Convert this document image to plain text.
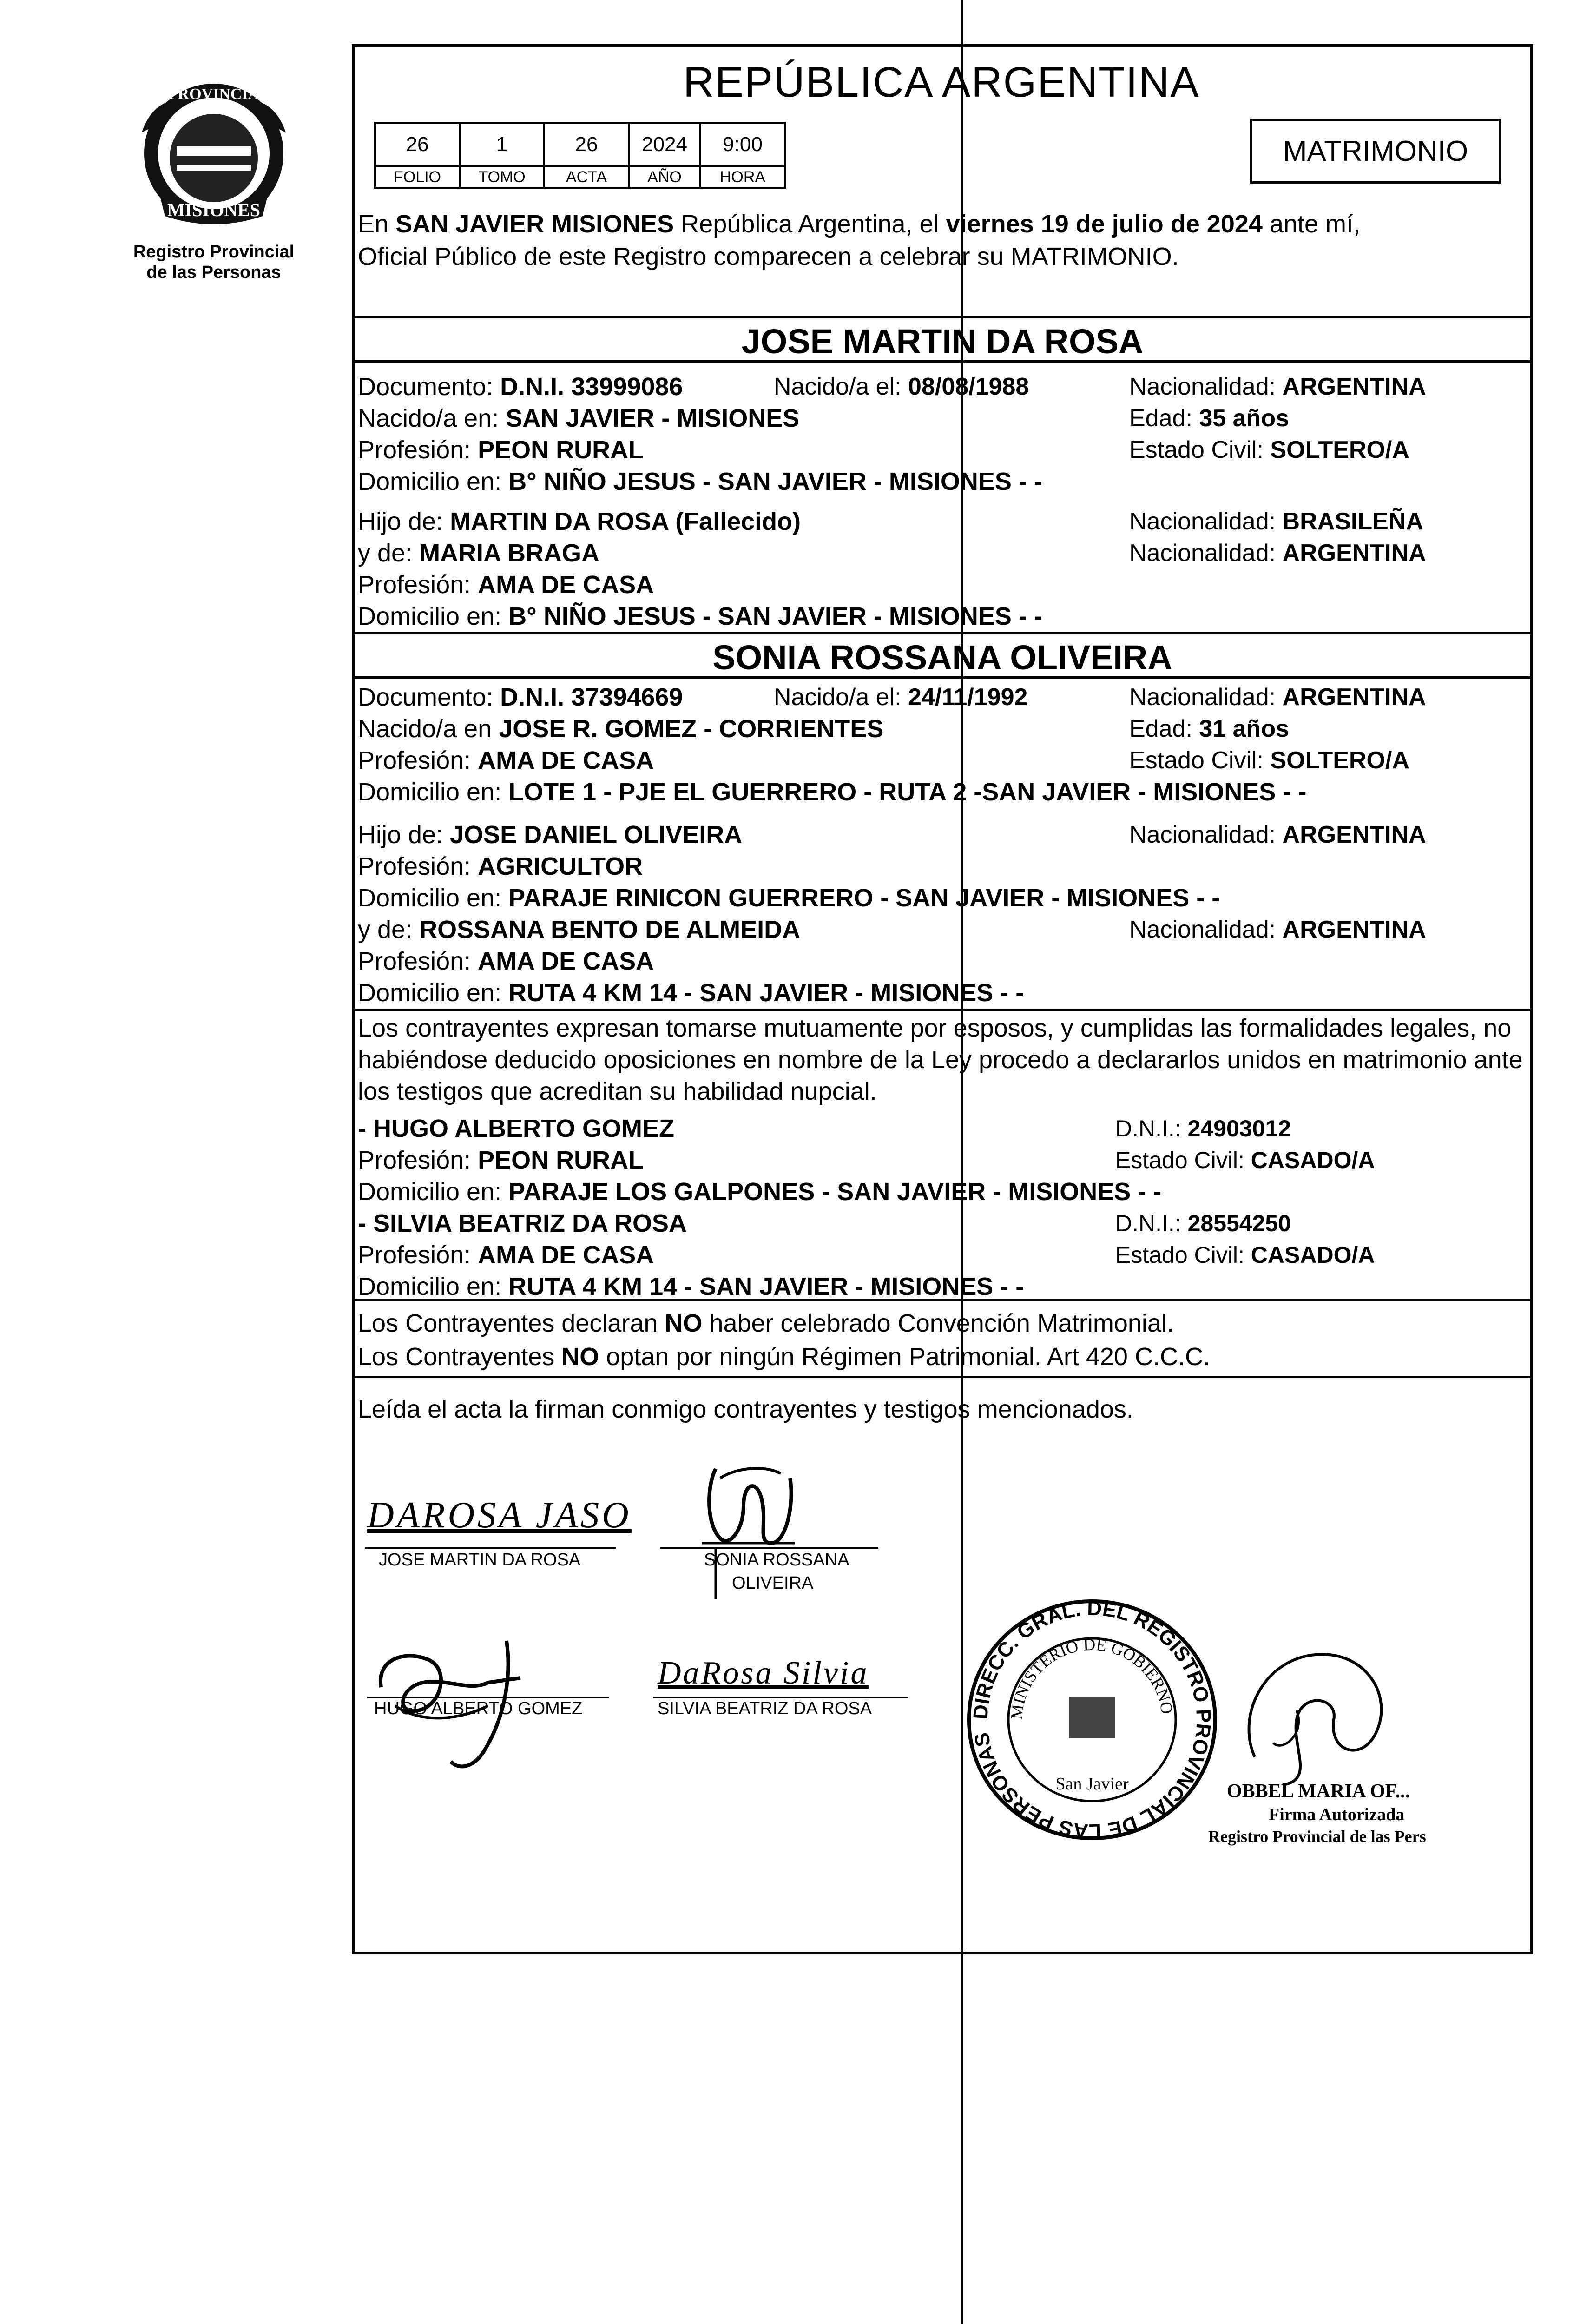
PROVINCIA
MISIONES
Registro Provincial
de las Personas
REPÚBLICA ARGENTINA
26	1	26	2024	9:00
FOLIO	TOMO	ACTA	AÑO	HORA
MATRIMONIO
En SAN JAVIER MISIONES República Argentina, el viernes 19 de julio de 2024 ante mí,
Oficial Público de este Registro comparecen a celebrar su MATRIMONIO.
JOSE MARTIN DA ROSA
Documento: D.N.I. 33999086	Nacido/a el: 08/08/1988	Nacionalidad: ARGENTINA
Nacido/a en: SAN JAVIER - MISIONES	Edad: 35 años
Profesión: PEON RURAL	Estado Civil: SOLTERO/A
Domicilio en: B° NIÑO JESUS - SAN JAVIER - MISIONES - -
Hijo de: MARTIN DA ROSA (Fallecido)	Nacionalidad: BRASILEÑA
y de: MARIA BRAGA	Nacionalidad: ARGENTINA
Profesión: AMA DE CASA
Domicilio en: B° NIÑO JESUS - SAN JAVIER - MISIONES - -
SONIA ROSSANA OLIVEIRA
Documento: D.N.I. 37394669	Nacido/a el: 24/11/1992	Nacionalidad: ARGENTINA
Nacido/a en JOSE R. GOMEZ - CORRIENTES	Edad: 31 años
Profesión: AMA DE CASA	Estado Civil: SOLTERO/A
Domicilio en: LOTE 1 - PJE EL GUERRERO - RUTA 2 -SAN JAVIER - MISIONES - -
Hijo de: JOSE DANIEL OLIVEIRA	Nacionalidad: ARGENTINA
Profesión: AGRICULTOR
Domicilio en: PARAJE RINICON GUERRERO - SAN JAVIER - MISIONES - -
y de: ROSSANA BENTO DE ALMEIDA	Nacionalidad: ARGENTINA
Profesión: AMA DE CASA
Domicilio en: RUTA 4 KM 14 - SAN JAVIER - MISIONES - -
Los contrayentes expresan tomarse mutuamente por esposos, y cumplidas las formalidades legales, no
habiéndose deducido oposiciones en nombre de la Ley procedo a declararlos unidos en matrimonio ante
los testigos que acreditan su habilidad nupcial.
- HUGO ALBERTO GOMEZ	D.N.I.: 24903012
Profesión: PEON RURAL	Estado Civil: CASADO/A
Domicilio en: PARAJE LOS GALPONES - SAN JAVIER - MISIONES - -
- SILVIA BEATRIZ DA ROSA	D.N.I.: 28554250
Profesión: AMA DE CASA	Estado Civil: CASADO/A
Domicilio en: RUTA 4 KM 14 - SAN JAVIER - MISIONES - -
Los Contrayentes declaran NO haber celebrado Convención Matrimonial.
Los Contrayentes NO optan por ningún Régimen Patrimonial. Art 420 C.C.C.
Leída el acta la firman conmigo contrayentes y testigos mencionados.
DAROSA JASO
JOSE MARTIN DA ROSA	SONIA ROSSANA
OLIVEIRA
HUGO ALBERTO GOMEZ
DaRosa Silvia
SILVIA BEATRIZ DA ROSA	DIRECC. GRAL. DEL REGISTRO PROVINCIAL DE LAS PERSONAS
MINISTERIO DE GOBIERNO
San Javier	OBBEL MARIA OF...
Firma Autorizada
Registro Provincial de las Pers
